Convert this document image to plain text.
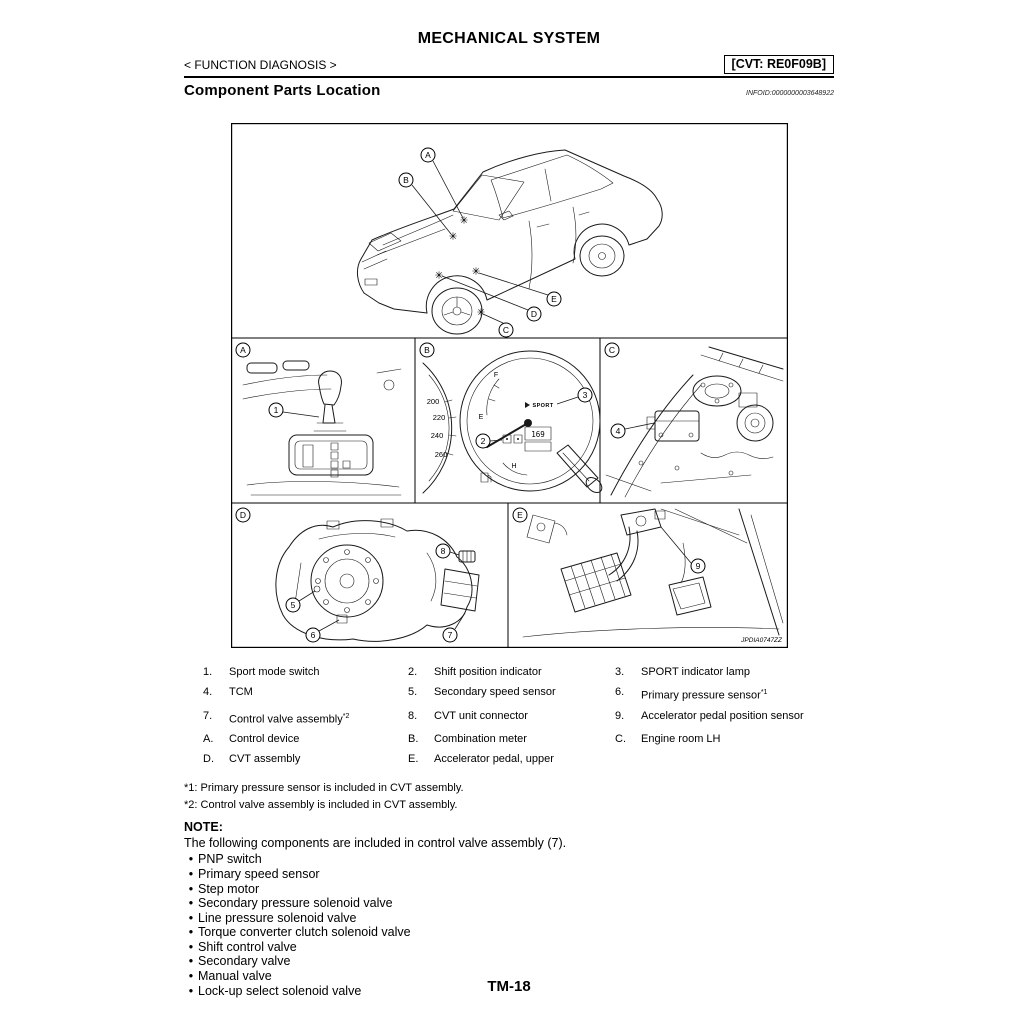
MECHANICAL SYSTEM
< FUNCTION DIAGNOSIS >	[CVT: RE0F09B]
Component Parts Location	INFOID:0000000003648922
A
B
C
D
E
1
A
200
220
240
260
F
E
H
SPORT
169
2
3
B
4
C
5
6	7
8
D
9
E
JPDIA0747ZZ
1.	Sport mode switch	2.	Shift position indicator	3.	SPORT indicator lamp
4.	TCM	5.	Secondary speed sensor	6.	Primary pressure sensor$^{*1}$
7.	Control valve assembly$^{*2}$	8.	CVT unit connector	9.	Accelerator pedal position sensor
A.	Control device	B.	Combination meter	C.	Engine room LH
D.	CVT assembly	E.	Accelerator pedal, upper
*1: Primary pressure sensor is included in CVT assembly.
*2: Control valve assembly is included in CVT assembly.
NOTE:
The following components are included in control valve assembly (7).
•
PNP switch
•
Primary speed sensor
•
Step motor
•
Secondary pressure solenoid valve
•
Line pressure solenoid valve
•
Torque converter clutch solenoid valve
•
Shift control valve
•
Secondary valve
•
Manual valve
•
Lock-up select solenoid valve	TM-18
